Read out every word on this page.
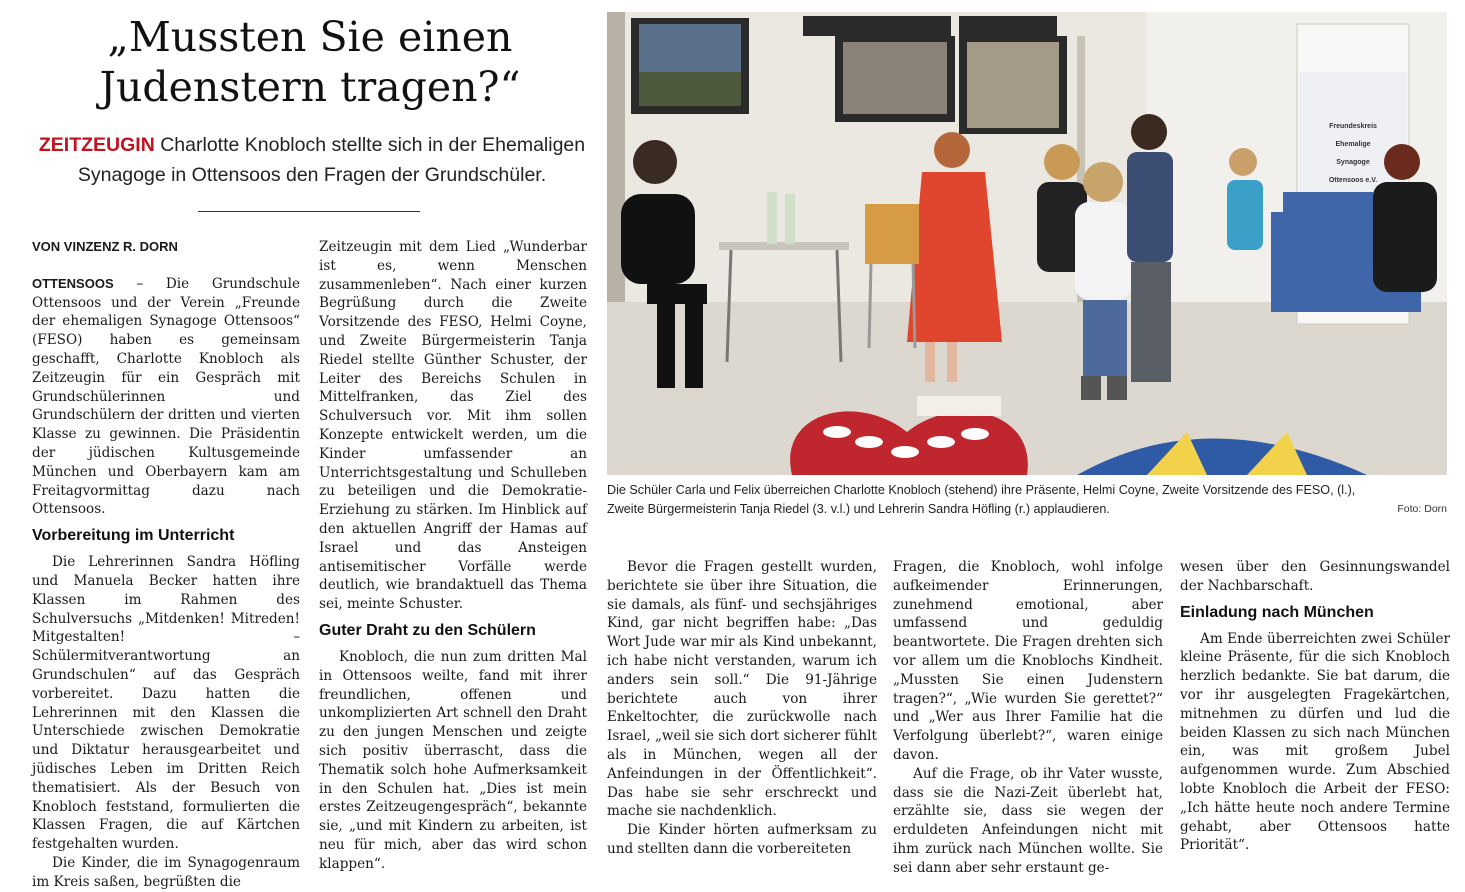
„Mussten Sie einen
Judenstern tragen?“
ZEITZEUGIN Charlotte Knobloch stellte sich in der Ehemaligen
Synagoge in Ottensoos den Fragen der Grundschüler.

VON VINZENZ R. DORN

OTTENSOOS – Die Grundschule Ottensoos und der Verein „Freunde der ehemaligen Synagoge Ottensoos“ (FESO) haben es gemeinsam geschafft, Charlotte Knobloch als Zeitzeugin für ein Gespräch mit Grundschülerinnen und Grundschülern der dritten und vierten Klasse zu gewinnen. Die Präsidentin der jüdischen Kultusgemeinde München und Oberbayern kam am Freitagvormittag dazu nach Ottensoos.

Vorbereitung im Unterricht

Die Lehrerinnen Sandra Höfling und Manuela Becker hatten ihre Klassen im Rahmen des Schulversuchs „Mitdenken! Mitreden! Mitgestalten! – Schülermitverantwortung an Grundschulen“ auf das Gespräch vorbereitet. Dazu hatten die Lehrerinnen mit den Klassen die Unterschiede zwischen Demokratie und Diktatur herausgearbeitet und jüdisches Leben im Dritten Reich thematisiert. Als der Besuch von Knobloch feststand, formulierten die Klassen Fragen, die auf Kärtchen festgehalten wurden.

Die Kinder, die im Synagogenraum im Kreis saßen, begrüßten die

Zeitzeugin mit dem Lied „Wunderbar ist es, wenn Menschen zusammenleben“. Nach einer kurzen Begrüßung durch die Zweite Vorsitzende des FESO, Helmi Coyne, und Zweite Bürgermeisterin Tanja Riedel stellte Günther Schuster, der Leiter des Bereichs Schulen in Mittelfranken, das Ziel des Schulversuch vor. Mit ihm sollen Konzepte entwickelt werden, um die Kinder umfassender an Unterrichtsgestaltung und Schulleben zu beteiligen und die Demokratie-Erziehung zu stärken. Im Hinblick auf den aktuellen Angriff der Hamas auf Israel und das Ansteigen antisemitischer Vorfälle werde deutlich, wie brandaktuell das Thema sei, meinte Schuster.

Guter Draht zu den Schülern

Knobloch, die nun zum dritten Mal in Ottensoos weilte, fand mit ihrer freundlichen, offenen und unkomplizierten Art schnell den Draht zu den jungen Menschen und zeigte sich positiv überrascht, dass die Thematik solch hohe Aufmerksamkeit in den Schulen hat. „Dies ist mein erstes Zeitzeugengespräch“, bekannte sie, „und mit Kindern zu arbeiten, ist neu für mich, aber das wird schon klappen“.

Freundeskreis
Ehemalige
Synagoge
Ottensoos e.V.
Die Schüler Carla und Felix überreichen Charlotte Knobloch (stehend) ihre Präsente, Helmi Coyne, Zweite Vorsitzende des FESO, (l.),
Zweite Bürgermeisterin Tanja Riedel (3. v.l.) und Lehrerin Sandra Höfling (r.) applaudieren.	Foto: Dorn

Bevor die Fragen gestellt wurden, berichtete sie über ihre Situation, die sie damals, als fünf- und sechsjähriges Kind, gar nicht begriffen habe: „Das Wort Jude war mir als Kind unbekannt, ich habe nicht verstanden, warum ich anders sein soll.“ Die 91-Jährige berichtete auch von ihrer Enkeltochter, die zurückwolle nach Israel, „weil sie sich dort sicherer fühlt als in München, wegen all der Anfeindungen in der Öffentlichkeit“. Das habe sie sehr erschreckt und mache sie nachdenklich.

Die Kinder hörten aufmerksam zu und stellten dann die vorbereiteten

Fragen, die Knobloch, wohl infolge aufkeimender Erinnerungen, zunehmend emotional, aber umfassend und geduldig beantwortete. Die Fragen drehten sich vor allem um die Knoblochs Kindheit. „Mussten Sie einen Judenstern tragen?“, „Wie wurden Sie gerettet?“ und „Wer aus Ihrer Familie hat die Verfolgung überlebt?“, waren einige davon.

Auf die Frage, ob ihr Vater wusste, dass sie die Nazi-Zeit überlebt hat, erzählte sie, dass sie wegen der erduldeten Anfeindungen nicht mit ihm zurück nach München wollte. Sie sei dann aber sehr erstaunt ge-

wesen über den Gesinnungswandel der Nachbarschaft.

Einladung nach München

Am Ende überreichten zwei Schüler kleine Präsente, für die sich Knobloch herzlich bedankte. Sie bat darum, die vor ihr ausgelegten Fragekärtchen, mitnehmen zu dürfen und lud die beiden Klassen zu sich nach München ein, was mit großem Jubel aufgenommen wurde. Zum Abschied lobte Knobloch die Arbeit der FESO: „Ich hätte heute noch andere Termine gehabt, aber Ottensoos hatte Priorität“.
